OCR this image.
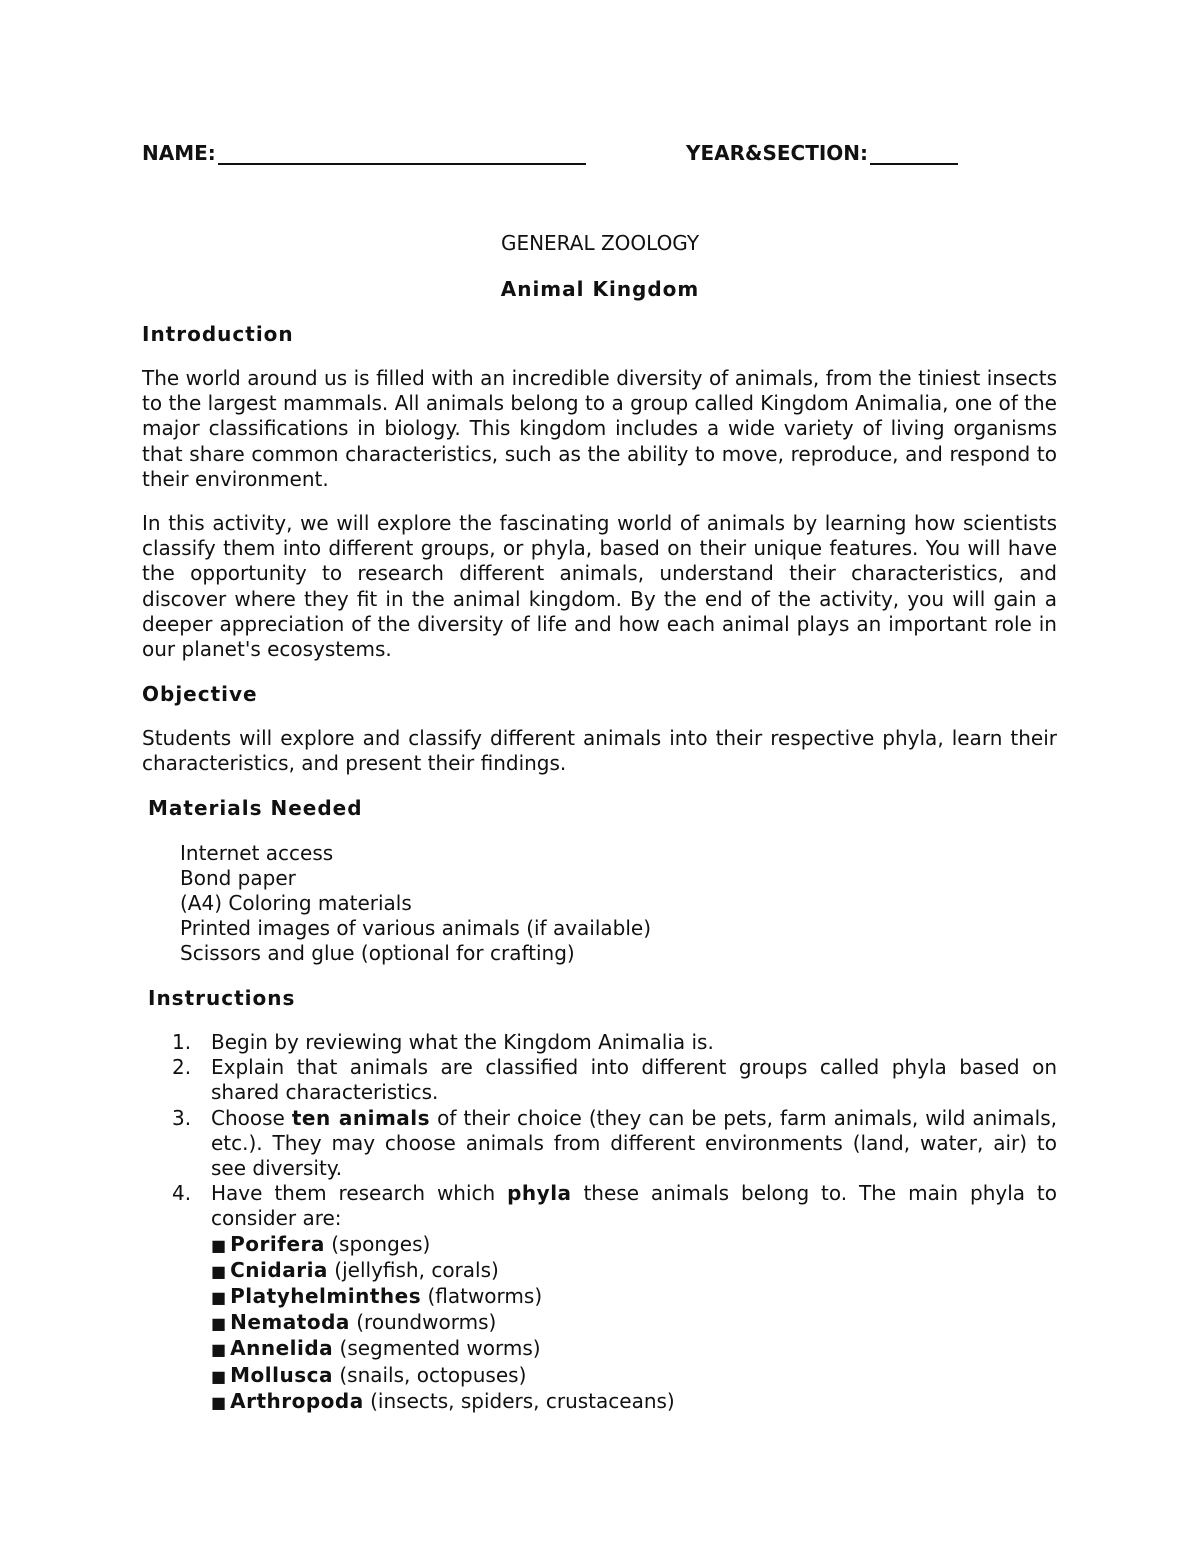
NAME:	YEAR&SECTION:
GENERAL ZOOLOGY
Animal Kingdom
Introduction

The world around us is filled with an incredible diversity of animals, from the tiniest insects to the largest mammals. All animals belong to a group called Kingdom Animalia, one of the major classifications in biology. This kingdom includes a wide variety of living organisms that share common characteristics, such as the ability to move, reproduce, and respond to their environment.

In this activity, we will explore the fascinating world of animals by learning how scientists classify them into different groups, or phyla, based on their unique features. You will have the opportunity to research different animals, understand their characteristics, and discover where they fit in the animal kingdom. By the end of the activity, you will gain a deeper appreciation of the diversity of life and how each animal plays an important role in our planet's ecosystems.

Objective

Students will explore and classify different animals into their respective phyla, learn their characteristics, and present their findings.

Materials Needed
Internet access
Bond paper
(A4) Coloring materials
Printed images of various animals (if available)
Scissors and glue (optional for crafting)
Instructions
1. Begin by reviewing what the Kingdom Animalia is.
2. Explain that animals are classified into different groups called phyla based on shared characteristics.
3. Choose ten animals of their choice (they can be pets, farm animals, wild animals, etc.). They may choose animals from different environments (land, water, air) to see diversity.
4. Have them research which phyla these animals belong to. The main phyla to consider are:
■ Porifera (sponges)
■ Cnidaria (jellyfish, corals)
■ Platyhelminthes (flatworms)
■ Nematoda (roundworms)
■ Annelida (segmented worms)
■ Mollusca (snails, octopuses)
■ Arthropoda (insects, spiders, crustaceans)
